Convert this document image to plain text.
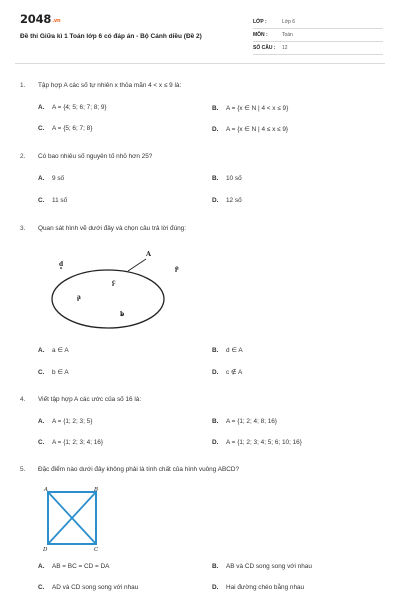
2048.vn
Đề thi Giữa kì 1 Toán lớp 6 có đáp án - Bộ Cánh diều (Đề 2)
LỚP :	Lớp 6
MÔN :	Toán
SỐ CÂU :	12
1.	Tập hợp A các số tự nhiên x thỏa mãn 4 < x ≤ 9 là:
A. A = {4; 5; 6; 7; 8; 9}	B. A = {x ∈ N | 4 < x ≤ 9}
C. A = {5; 6; 7; 8}	D. A = {x ∈ N | 4 ≤ x ≤ 9}
2.	Có bao nhiêu số nguyên tố nhỏ hơn 25?
A. 9 số	B. 10 số
C. 11 số	D. 12 số
3.	Quan sát hình vẽ dưới đây và chọn câu trả lời đúng:
A
d
e
c
a
b
A. a ∈ A	B. d ∈ A
C. b ∈ A	D. c ∉ A
4.	Viết tập hợp A các ước của số 16 là:
A. A = {1; 2; 3; 5}	B. A = {1; 2; 4; 8; 16}
C. A = {1; 2; 3; 4; 16}	D. A = {1; 2; 3; 4; 5; 6; 10; 16}
5.	Đặc điểm nào dưới đây không phải là tính chất của hình vuông ABCD?
A	B
D	C
A. AB = BC = CD = DA	B. AB và CD song song với nhau
C. AD và CD song song với nhau	D. Hai đường chéo bằng nhau
